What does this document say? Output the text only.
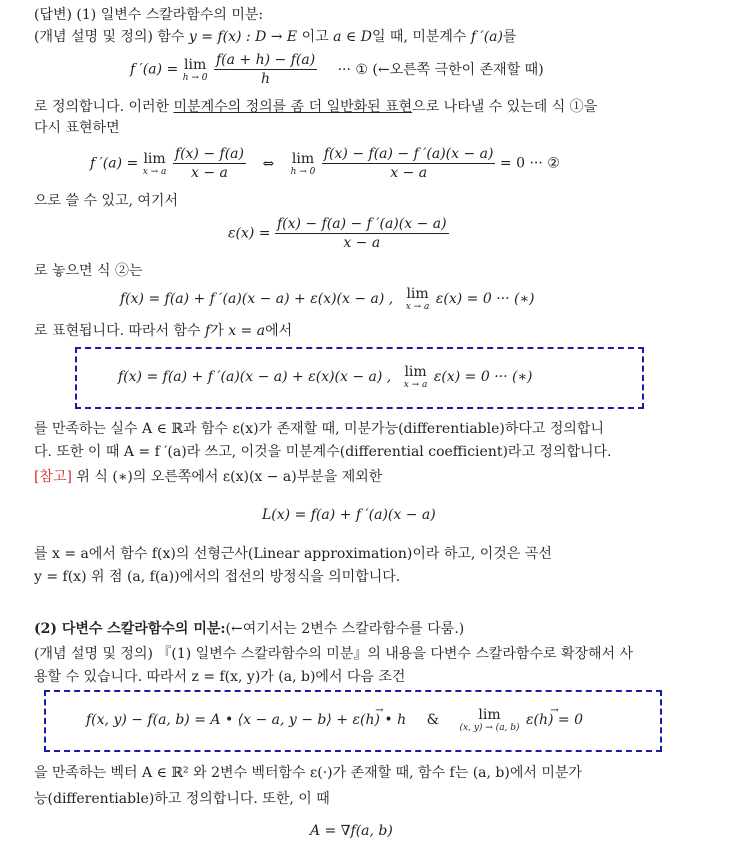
(답변) (1) 일변수 스칼라함수의 미분:
(개념 설명 및 정의) 함수 y = f(x) : D → E 이고 a ∈ D일 때, 미분계수 f ′(a)를
f ′(a) = lim
h → 0
$\frac{f(a + h) - f(a)}{h}$ ··· ① (←오른쪽 극한이 존재할 때)
로 정의합니다. 이러한 미분계수의 정의를 좀 더 일반화된 표현으로 나타낼 수 있는데 식 ①을
다시 표현하면
f ′(a) = lim
x → a
$\frac{f(x) - f(a)}{x - a}$ ⇔ lim
h → 0
$\frac{f(x) - f(a) - f '(a)(x - a)}{x - a} = 0$ ··· ②
으로 쓸 수 있고, 여기서
$\varepsilon(x) = \frac{f(x) - f(a) - f '(a)(x - a)}{x - a}$
로 놓으면 식 ②는
f(x) = f(a) + f ′(a)(x − a) + ε(x)(x − a) , lim
x → a ε(x) = 0 ··· (∗)
로 표현됩니다. 따라서 함수 f가 x = a에서
f(x) = f(a) + f ′(a)(x − a) + ε(x)(x − a) , lim
x → a ε(x) = 0 ··· (∗)
를 만족하는 실수 A ∈ ℝ과 함수 ε(x)가 존재할 때, 미분가능(differentiable)하다고 정의합니
다. 또한 이 때 A = f ′(a)라 쓰고, 이것을 미분계수(differential coefficient)라고 정의합니다.
[참고] 위 식 (∗)의 오른쪽에서 ε(x)(x − a)부분을 제외한
L(x) = f(a) + f ′(a)(x − a)
를 x = a에서 함수 f(x)의 선형근사(Linear approximation)이라 하고, 이것은 곡선
y = f(x) 위 점 (a, f(a))에서의 접선의 방정식을 의미합니다.
(2) 다변수 스칼라함수의 미분:(←여기서는 2변수 스칼라함수를 다룸.)
(개념 설명 및 정의) 『(1) 일변수 스칼라함수의 미분』의 내용을 다변수 스칼라함수로 확장해서 사
용할 수 있습니다. 따라서 z = f(x, y)가 (a, b)에서 다음 조건
f(x, y) − f(a, b) = A • ⟨x − a, y − b⟩ + → ε(h) • h &	lim
(x, y) → (a, b)
→ ε(h) = 0
을 만족하는 벡터 A ∈ ℝ² 와 2변수 벡터함수 ε(·)가 존재할 때, 함수 f는 (a, b)에서 미분가
능(differentiable)하고 정의합니다. 또한, 이 때
A = ∇f(a, b)
